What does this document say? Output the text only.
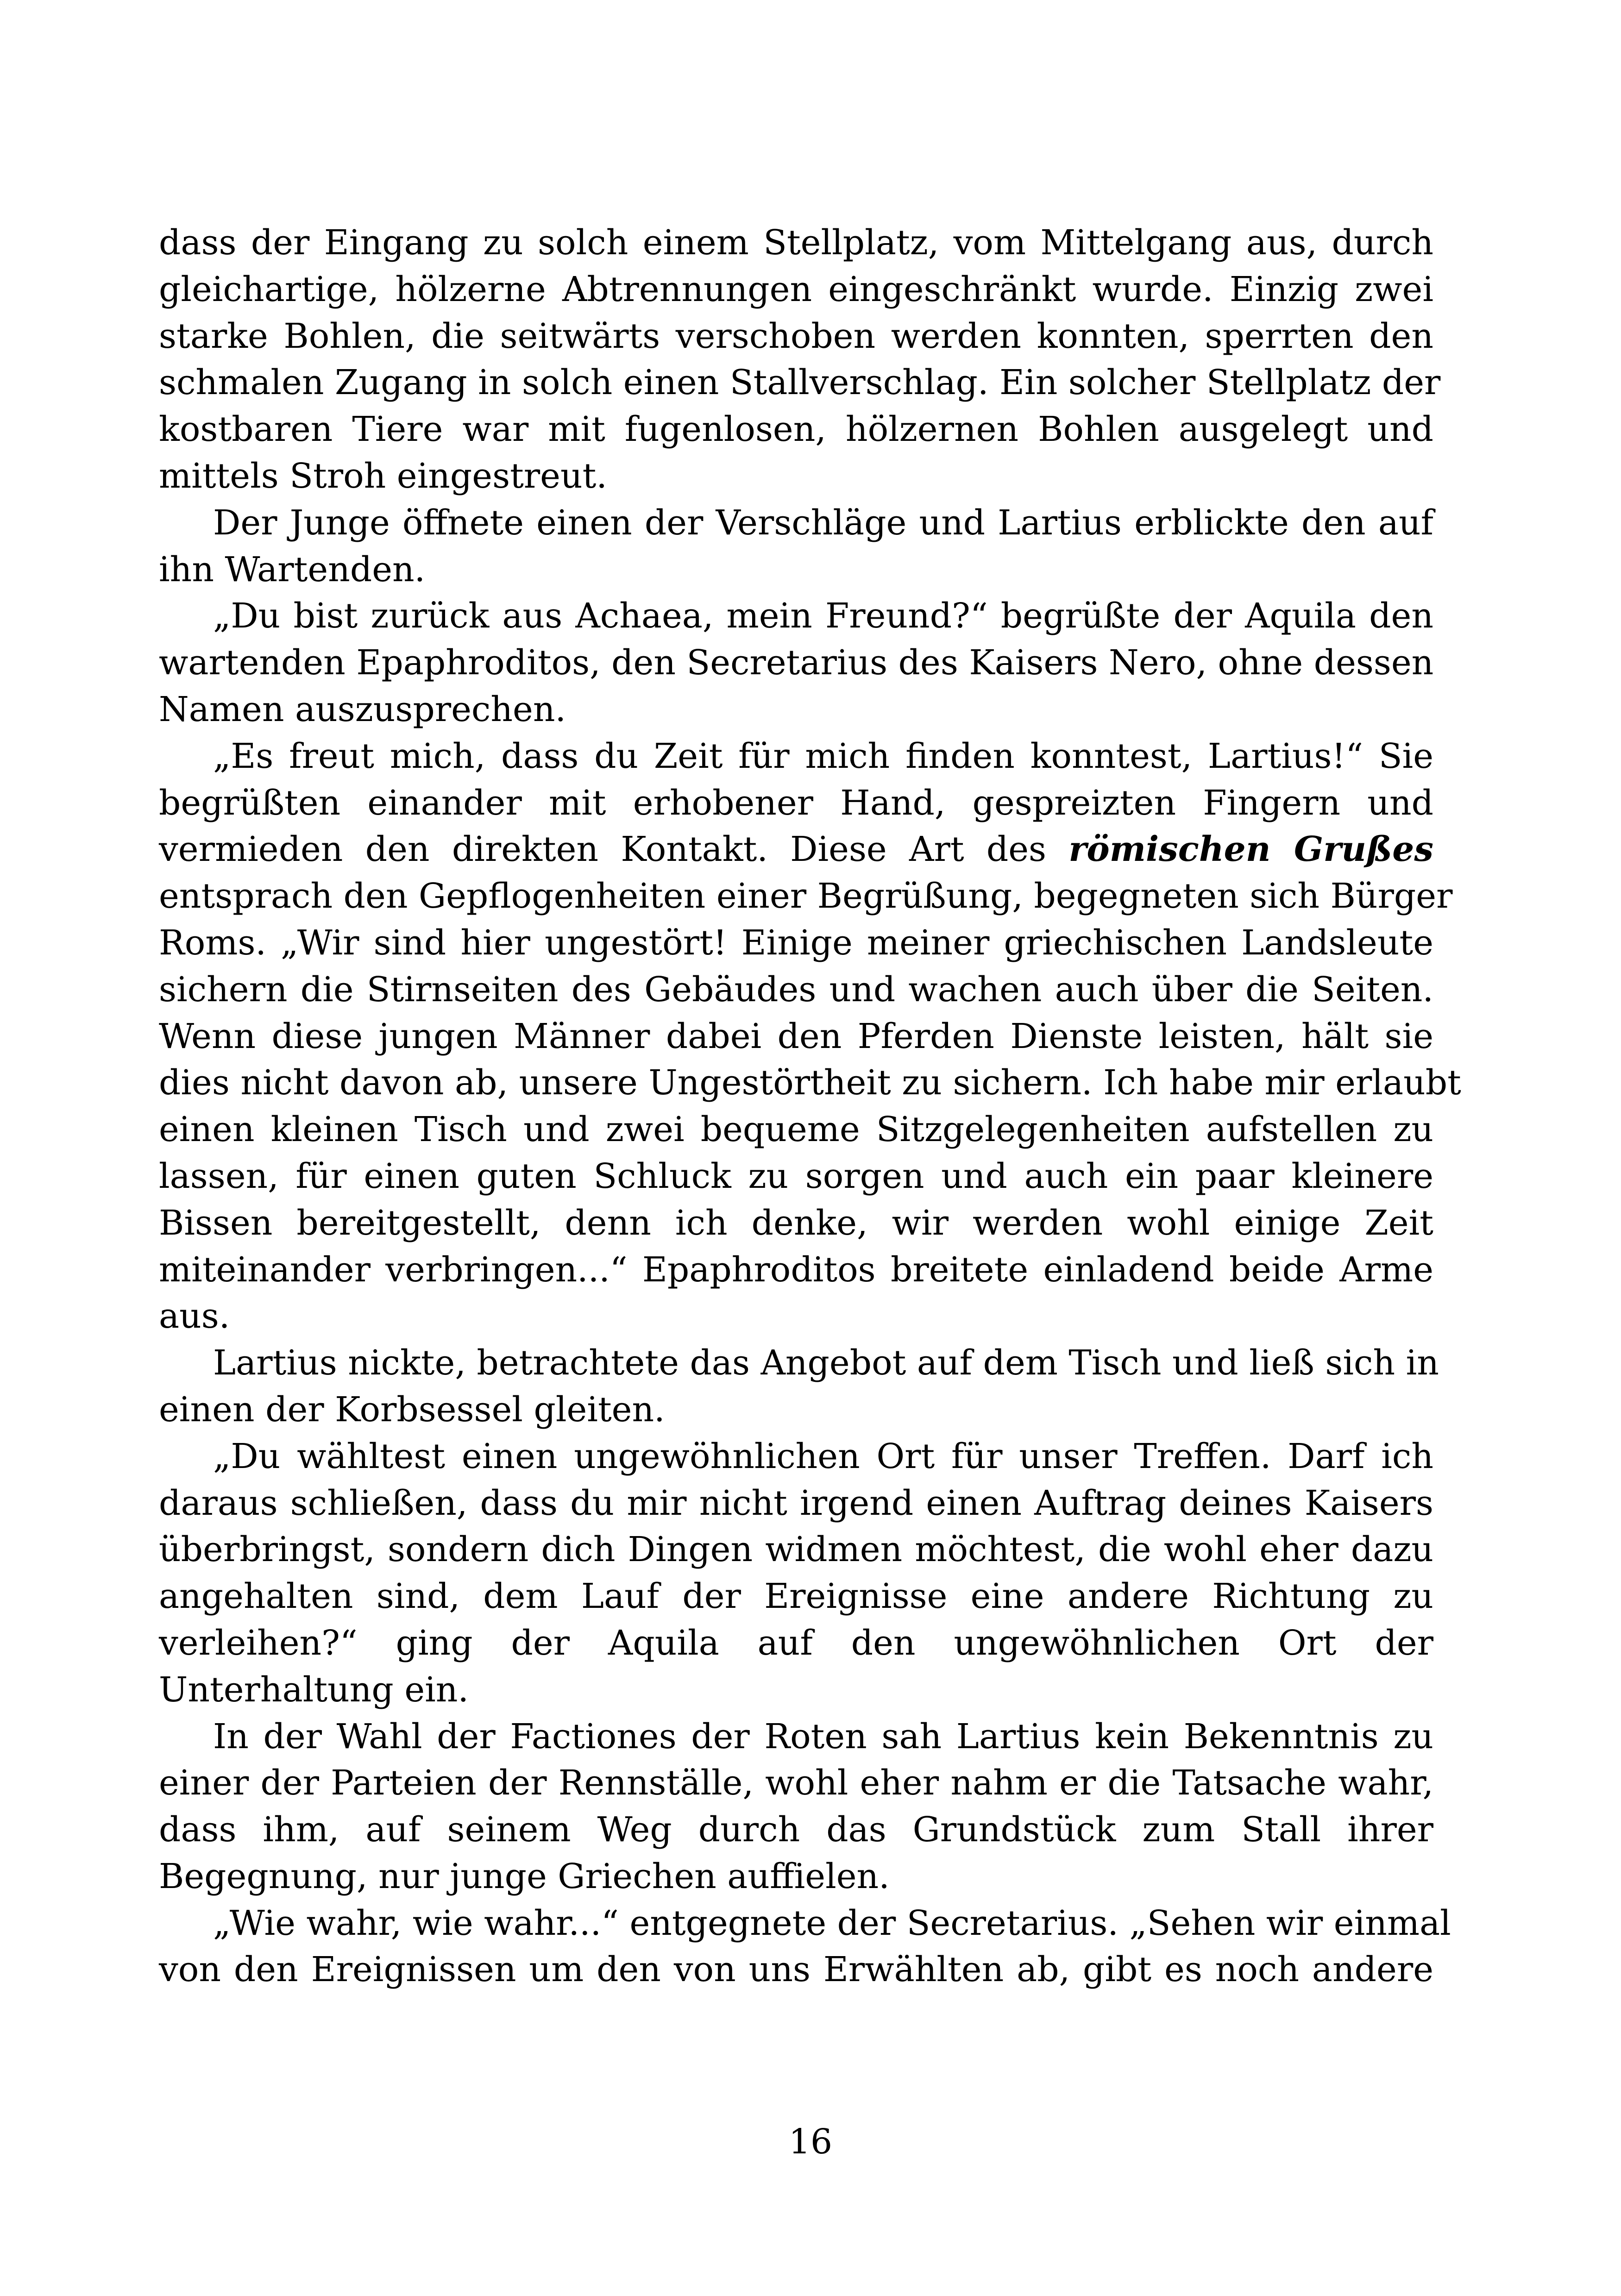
dass der Eingang zu solch einem Stellplatz, vom Mittelgang aus, durch
gleichartige, hölzerne Abtrennungen eingeschränkt wurde. Einzig zwei
starke Bohlen, die seitwärts verschoben werden konnten, sperrten den
schmalen Zugang in solch einen Stallverschlag. Ein solcher Stellplatz der
kostbaren Tiere war mit fugenlosen, hölzernen Bohlen ausgelegt und
mittels Stroh eingestreut.
Der Junge öffnete einen der Verschläge und Lartius erblickte den auf
ihn Wartenden.
„Du bist zurück aus Achaea, mein Freund?“ begrüßte der Aquila den
wartenden Epaphroditos, den Secretarius des Kaisers Nero, ohne dessen
Namen auszusprechen.
„Es freut mich, dass du Zeit für mich finden konntest, Lartius!“ Sie
begrüßten einander mit erhobener Hand, gespreizten Fingern und
vermieden den direkten Kontakt. Diese Art des römischen Grußes
entsprach den Gepflogenheiten einer Begrüßung, begegneten sich Bürger
Roms. „Wir sind hier ungestört! Einige meiner griechischen Landsleute
sichern die Stirnseiten des Gebäudes und wachen auch über die Seiten.
Wenn diese jungen Männer dabei den Pferden Dienste leisten, hält sie
dies nicht davon ab, unsere Ungestörtheit zu sichern. Ich habe mir erlaubt
einen kleinen Tisch und zwei bequeme Sitzgelegenheiten aufstellen zu
lassen, für einen guten Schluck zu sorgen und auch ein paar kleinere
Bissen bereitgestellt, denn ich denke, wir werden wohl einige Zeit
miteinander verbringen...“ Epaphroditos breitete einladend beide Arme
aus.
Lartius nickte, betrachtete das Angebot auf dem Tisch und ließ sich in
einen der Korbsessel gleiten.
„Du wähltest einen ungewöhnlichen Ort für unser Treffen. Darf ich
daraus schließen, dass du mir nicht irgend einen Auftrag deines Kaisers
überbringst, sondern dich Dingen widmen möchtest, die wohl eher dazu
angehalten sind, dem Lauf der Ereignisse eine andere Richtung zu
verleihen?“ ging der Aquila auf den ungewöhnlichen Ort der
Unterhaltung ein.
In der Wahl der Factiones der Roten sah Lartius kein Bekenntnis zu
einer der Parteien der Rennställe, wohl eher nahm er die Tatsache wahr,
dass ihm, auf seinem Weg durch das Grundstück zum Stall ihrer
Begegnung, nur junge Griechen auffielen.
„Wie wahr, wie wahr...“ entgegnete der Secretarius. „Sehen wir einmal
von den Ereignissen um den von uns Erwählten ab, gibt es noch andere
16
